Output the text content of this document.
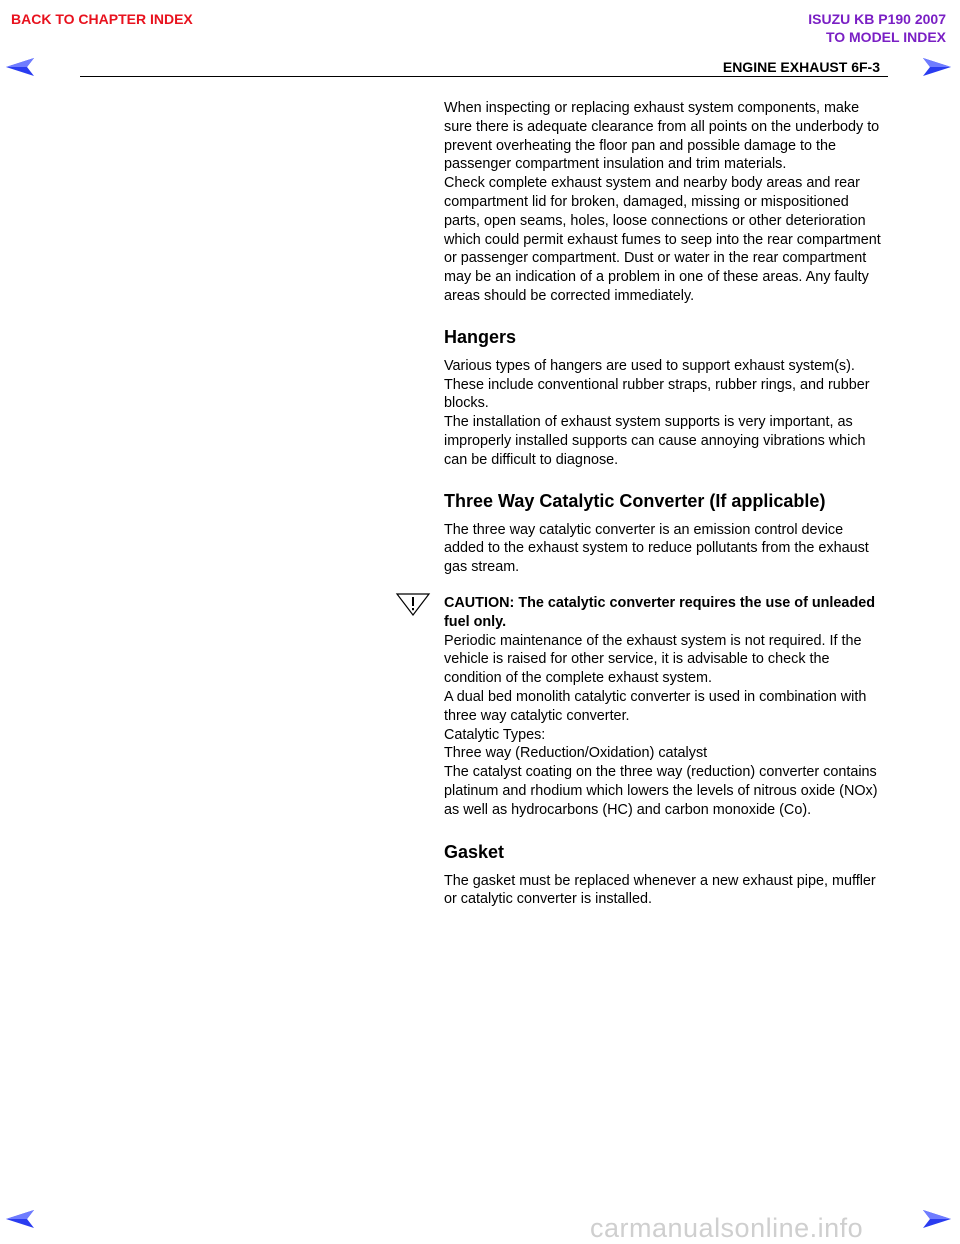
BACK TO CHAPTER INDEX	ISUZU KB P190 2007
TO MODEL INDEX
ENGINE EXHAUST 6F-3

When inspecting or replacing exhaust system components, make sure there is adequate clearance from all points on the underbody to prevent overheating the floor pan and possible damage to the passenger compartment insulation and trim materials.

Check complete exhaust system and nearby body areas and rear compartment lid for broken, damaged, missing or mispositioned parts, open seams, holes, loose connections or other deterioration which could permit exhaust fumes to seep into the rear compartment or passenger compartment. Dust or water in the rear compartment may be an indication of a problem in one of these areas. Any faulty areas should be corrected immediately.

Hangers

Various types of hangers are used to support exhaust system(s). These include conventional rubber straps, rubber rings, and rubber blocks.

The installation of exhaust system supports is very important, as improperly installed supports can cause annoying vibrations which can be difficult to diagnose.

Three Way Catalytic Converter (If applicable)

The three way catalytic converter is an emission control device added to the exhaust system to reduce pollutants from the exhaust gas stream.

CAUTION: The catalytic converter requires the use of unleaded fuel only.

Periodic maintenance of the exhaust system is not required. If the vehicle is raised for other service, it is advisable to check the condition of the complete exhaust system.

A dual bed monolith catalytic converter is used in combination with three way catalytic converter.

Catalytic Types:

Three way (Reduction/Oxidation) catalyst

The catalyst coating on the three way (reduction) converter contains platinum and rhodium which lowers the levels of nitrous oxide (NOx) as well as hydrocarbons (HC) and carbon monoxide (Co).

Gasket

The gasket must be replaced whenever a new exhaust pipe, muffler or catalytic converter is installed.

carmanualsonline.info
